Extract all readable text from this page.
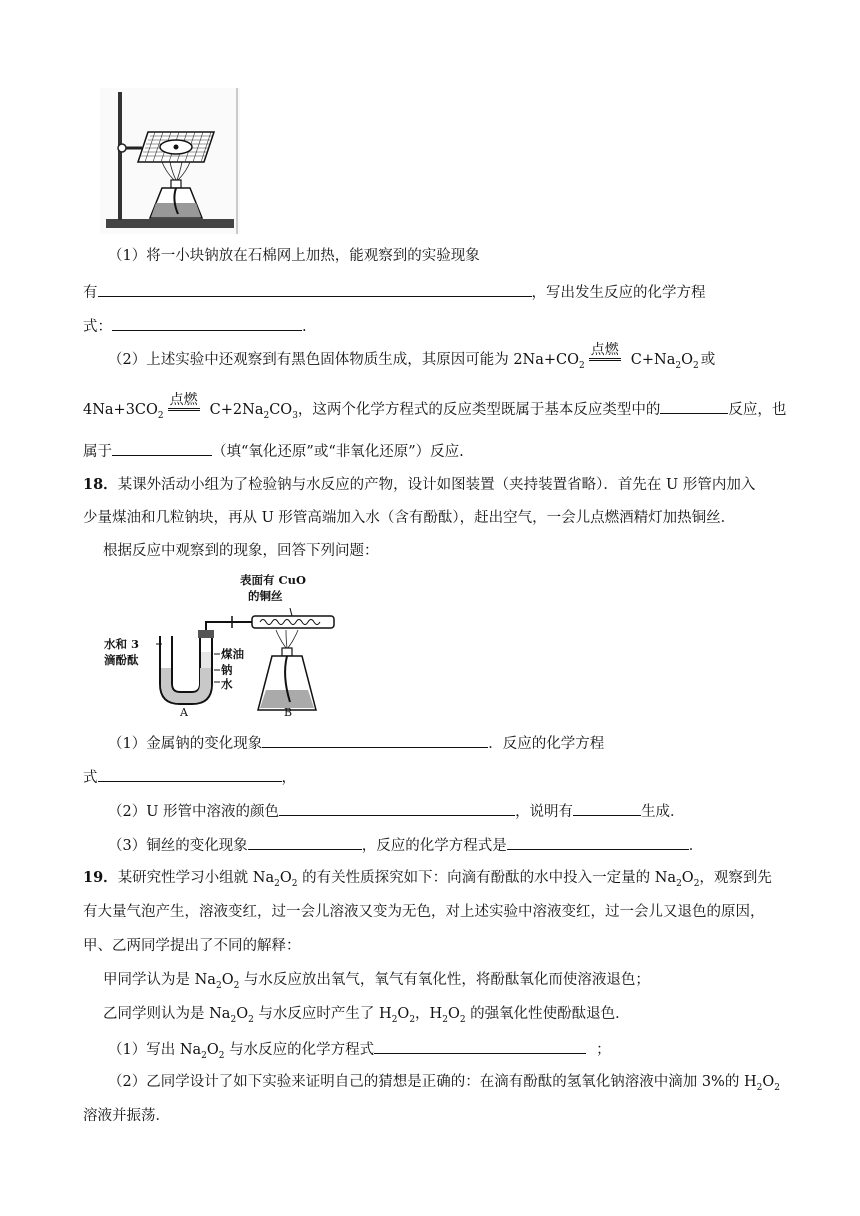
（1）将一小块钠放在石棉网上加热，能观察到的实验现象
有	，写出发生反应的化学方程
式：	.
（2）上述实验中还观察到有黑色固体物质生成，其原因可能为 $2Na+CO_2$
点燃
$C+Na_2O_2$ 或
$4Na+3CO_2$
点燃
$C+2Na_2CO_3$，这两个化学方程式的反应类型既属于基本反应类型中的	反应，也
属于	（填“氧化还原”或“非氧化还原”）反应.
18．某课外活动小组为了检验钠与水反应的产物，设计如图装置（夹持装置省略）．首先在 U 形管内加入
少量煤油和几粒钠块，再从 U 形管高端加入水（含有酚酞），赶出空气，一会儿点燃酒精灯加热铜丝．
根据反应中观察到的现象，回答下列问题：
表面有 CuO
的铜丝
水和 3
滴酚酞	煤油
钠
水
A	B
（1）金属钠的变化现象	．反应的化学方程
式	，
（2）U 形管中溶液的颜色	，说明有	生成．
（3）铜丝的变化现象	，反应的化学方程式是	．
19．某研究性学习小组就 $Na_2O_2$ 的有关性质探究如下：向滴有酚酞的水中投入一定量的 $Na_2O_2$，观察到先
有大量气泡产生，溶液变红，过一会儿溶液又变为无色，对上述实验中溶液变红，过一会儿又退色的原因，
甲、乙两同学提出了不同的解释：
甲同学认为是 $Na_2O_2$ 与水反应放出氧气，氧气有氧化性，将酚酞氧化而使溶液退色；
乙同学则认为是 $Na_2O_2$ 与水反应时产生了 $H_2O_2$，$H_2O_2$ 的强氧化性使酚酞退色．
（1）写出 $Na_2O_2$ 与水反应的化学方程式	；
（2）乙同学设计了如下实验来证明自己的猜想是正确的：在滴有酚酞的氢氧化钠溶液中滴加 3%的 $H_2O_2$
溶液并振荡．
